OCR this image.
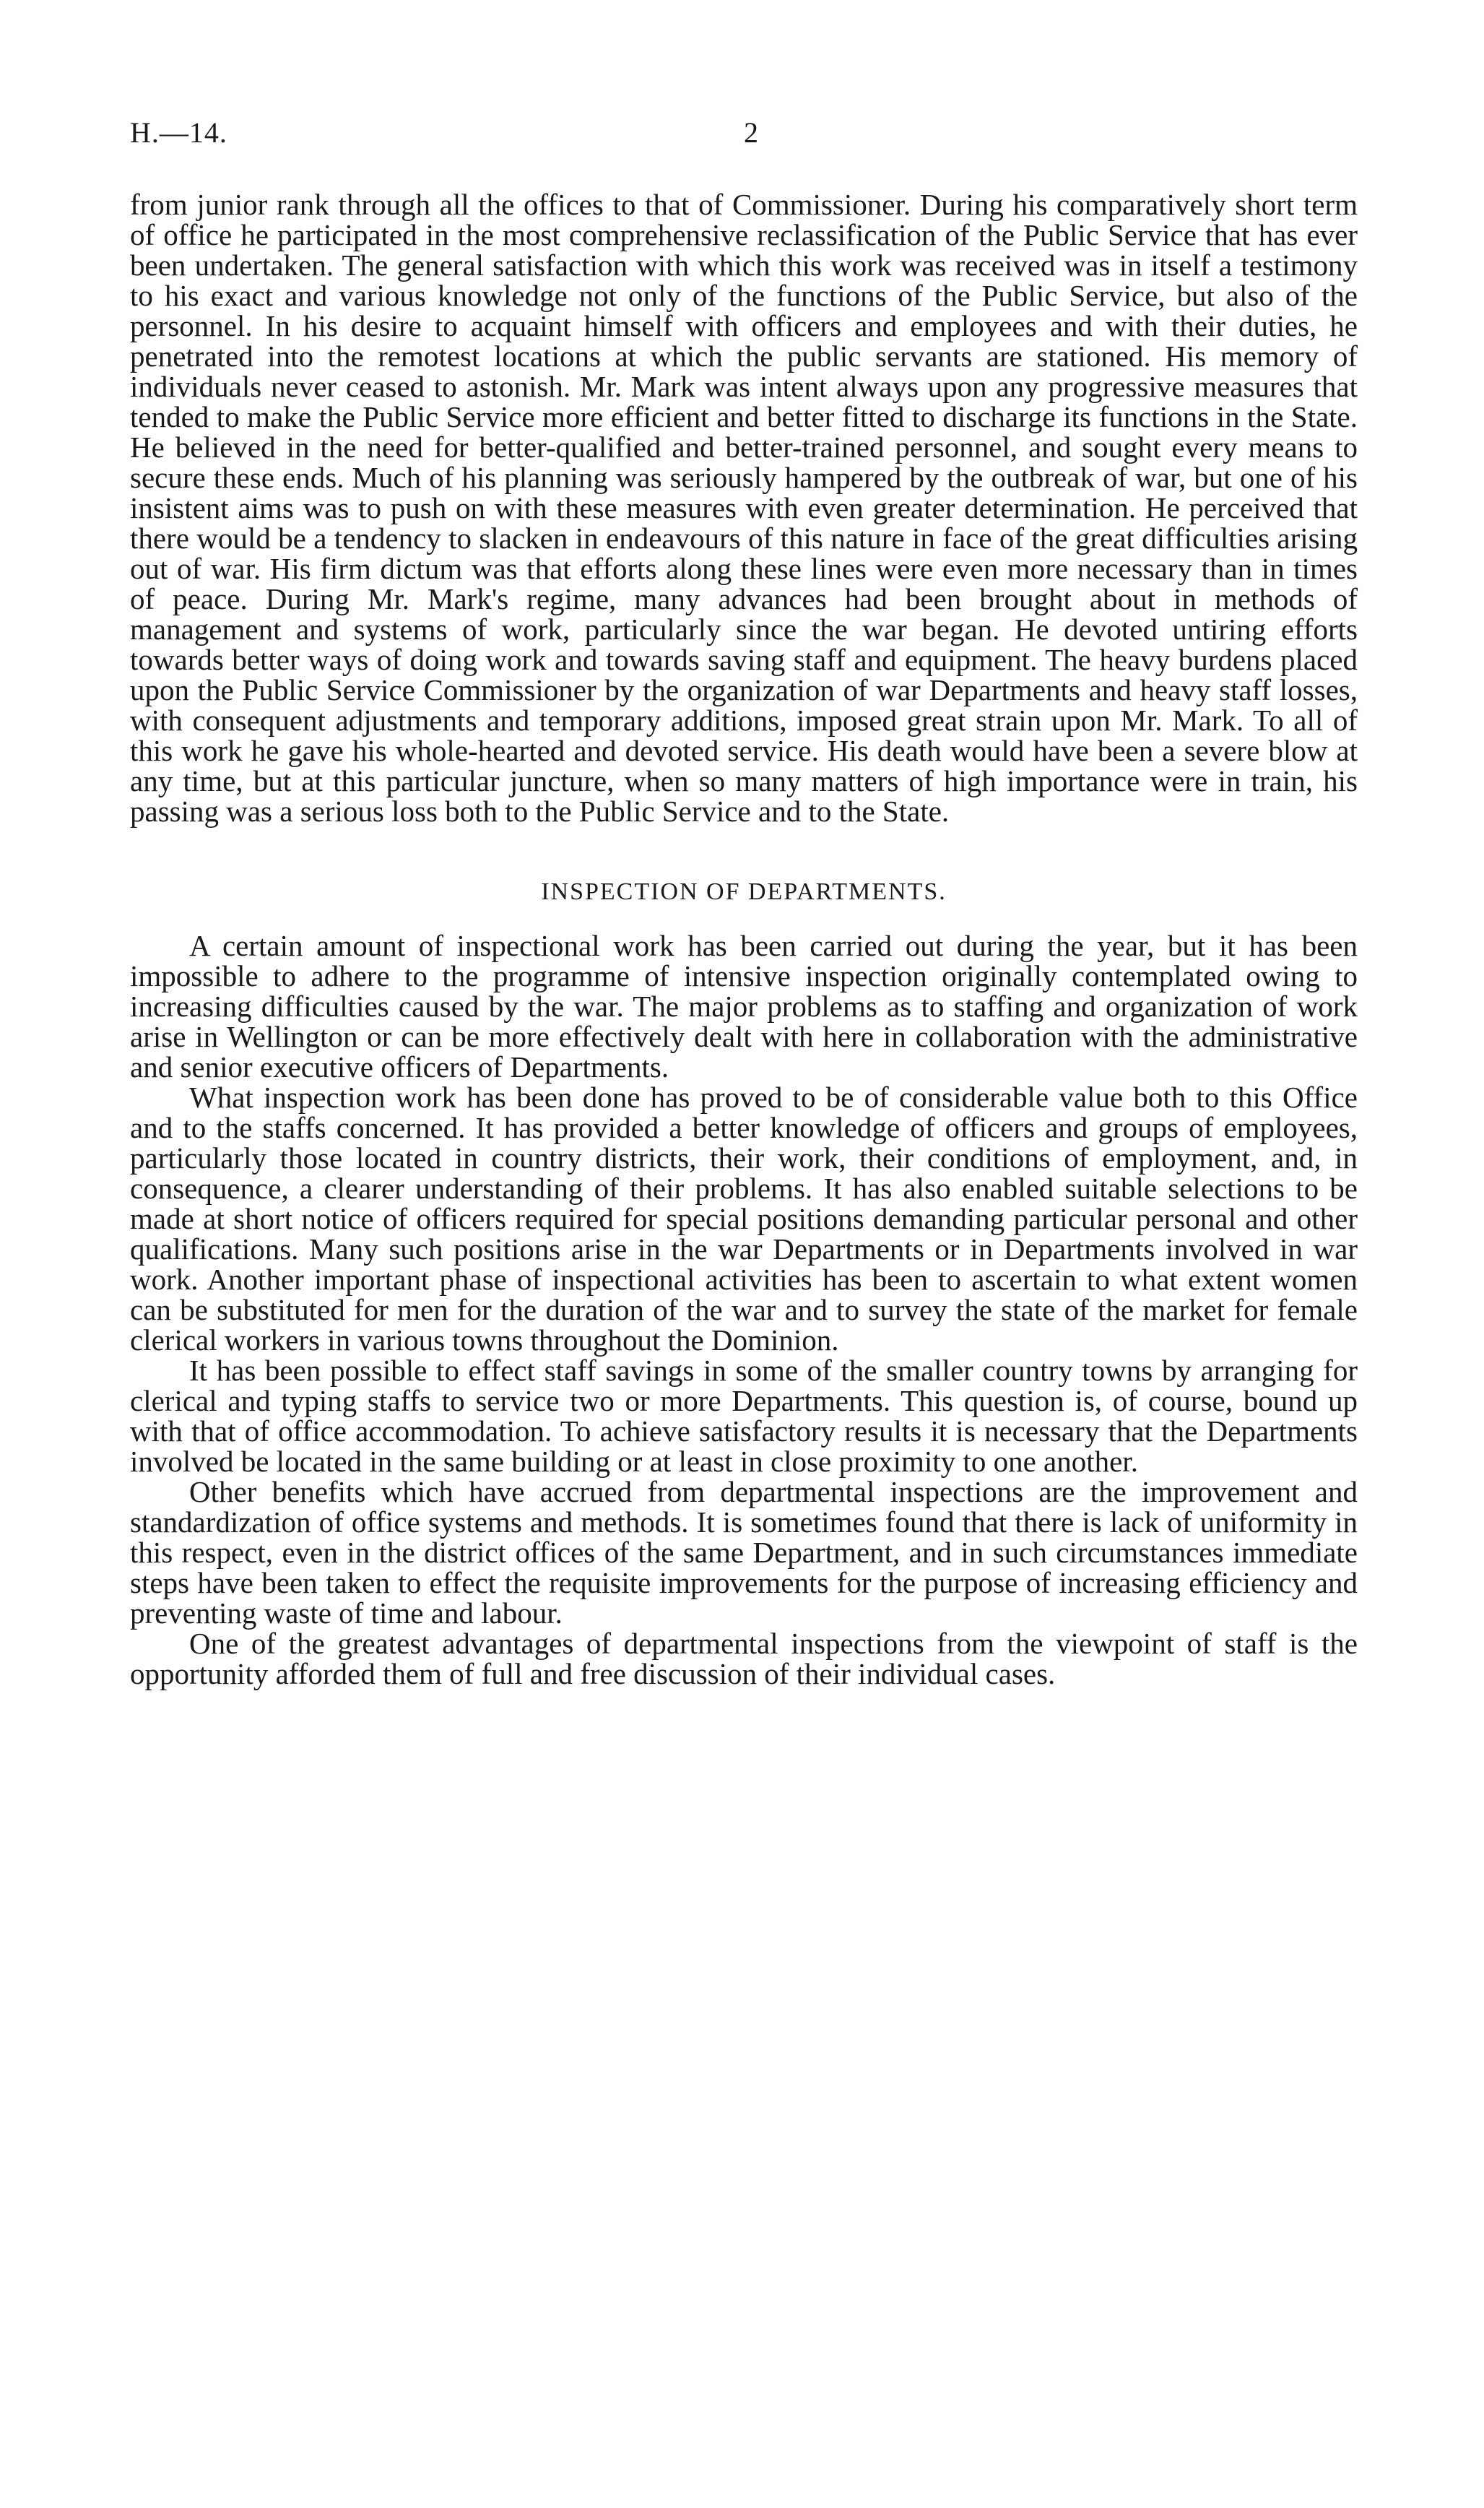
H.—14.	2

from junior rank through all the offices to that of Commissioner. During his comparatively short term of office he participated in the most comprehensive reclassification of the Public Service that has ever been undertaken. The general satisfaction with which this work was received was in itself a testimony to his exact and various knowledge not only of the functions of the Public Service, but also of the personnel. In his desire to acquaint himself with officers and employees and with their duties, he penetrated into the remotest locations at which the public servants are stationed. His memory of individuals never ceased to astonish. Mr. Mark was intent always upon any progressive measures that tended to make the Public Service more efficient and better fitted to discharge its functions in the State. He believed in the need for better-qualified and better-trained personnel, and sought every means to secure these ends. Much of his planning was seriously hampered by the outbreak of war, but one of his insistent aims was to push on with these measures with even greater determination. He perceived that there would be a tendency to slacken in endeavours of this nature in face of the great difficulties arising out of war. His firm dictum was that efforts along these lines were even more necessary than in times of peace. During Mr. Mark's regime, many advances had been brought about in methods of management and systems of work, particularly since the war began. He devoted untiring efforts towards better ways of doing work and towards saving staff and equipment. The heavy burdens placed upon the Public Service Commissioner by the organization of war Departments and heavy staff losses, with consequent adjustments and temporary additions, imposed great strain upon Mr. Mark. To all of this work he gave his whole-hearted and devoted service. His death would have been a severe blow at any time, but at this particular juncture, when so many matters of high importance were in train, his passing was a serious loss both to the Public Service and to the State.

INSPECTION OF DEPARTMENTS.

A certain amount of inspectional work has been carried out during the year, but it has been impossible to adhere to the programme of intensive inspection originally contemplated owing to increasing difficulties caused by the war. The major problems as to staffing and organization of work arise in Wellington or can be more effectively dealt with here in collaboration with the administrative and senior executive officers of Departments.

What inspection work has been done has proved to be of considerable value both to this Office and to the staffs concerned. It has provided a better knowledge of officers and groups of employees, particularly those located in country districts, their work, their conditions of employment, and, in consequence, a clearer understanding of their problems. It has also enabled suitable selections to be made at short notice of officers required for special positions demanding particular personal and other qualifications. Many such positions arise in the war Departments or in Departments involved in war work. Another important phase of inspectional activities has been to ascertain to what extent women can be substituted for men for the duration of the war and to survey the state of the market for female clerical workers in various towns throughout the Dominion.

It has been possible to effect staff savings in some of the smaller country towns by arranging for clerical and typing staffs to service two or more Departments. This question is, of course, bound up with that of office accommodation. To achieve satisfactory results it is necessary that the Departments involved be located in the same building or at least in close proximity to one another.

Other benefits which have accrued from departmental inspections are the improvement and standardization of office systems and methods. It is sometimes found that there is lack of uniformity in this respect, even in the district offices of the same Department, and in such circumstances immediate steps have been taken to effect the requisite improvements for the purpose of increasing efficiency and preventing waste of time and labour.

One of the greatest advantages of departmental inspections from the viewpoint of staff is the opportunity afforded them of full and free discussion of their individual cases.
